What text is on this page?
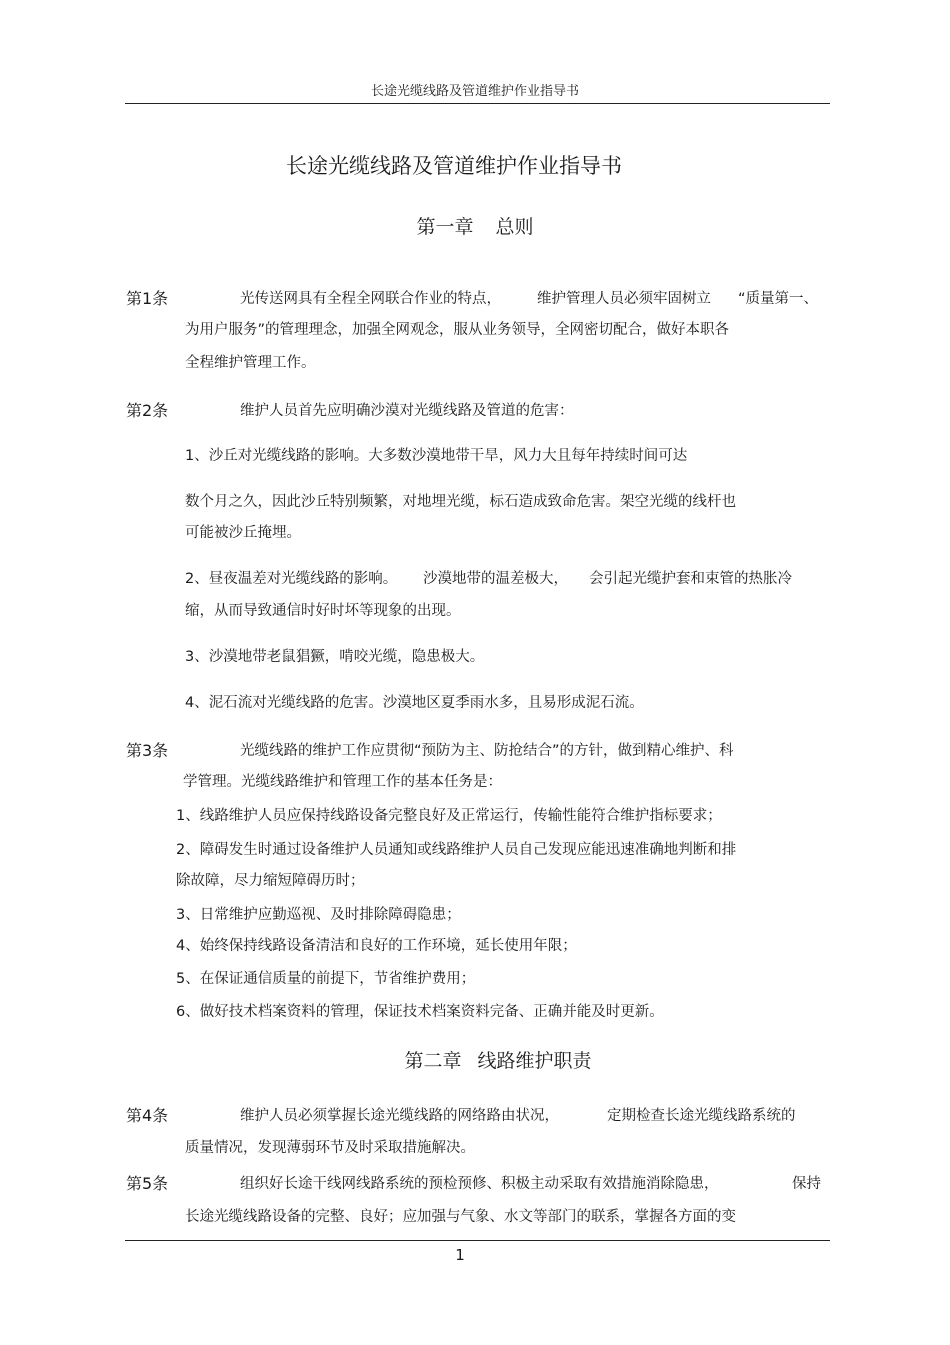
长途光缆线路及管道维护作业指导书
长途光缆线路及管道维护作业指导书
第一章 总则
第1条	光传送网具有全程全网联合作业的特点， 维护管理人员必须牢固树立 “质量第一、
为用户服务”的管理理念，加强全网观念，服从业务领导，全网密切配合，做好本职各
全程维护管理工作。
第2条	维护人员首先应明确沙漠对光缆线路及管道的危害：
1、沙丘对光缆线路的影响。大多数沙漠地带干旱，风力大且每年持续时间可达
数个月之久，因此沙丘特别频繁，对地埋光缆，标石造成致命危害。架空光缆的线杆也
可能被沙丘掩埋。
2、昼夜温差对光缆线路的影响。 沙漠地带的温差极大， 会引起光缆护套和束管的热胀冷
缩，从而导致通信时好时坏等现象的出现。
3、沙漠地带老鼠猖獗，啃咬光缆，隐患极大。
4、泥石流对光缆线路的危害。沙漠地区夏季雨水多，且易形成泥石流。
第3条	光缆线路的维护工作应贯彻“预防为主、防抢结合”的方针，做到精心维护、科
学管理。光缆线路维护和管理工作的基本任务是：
1、线路维护人员应保持线路设备完整良好及正常运行，传输性能符合维护指标要求；
2、障碍发生时通过设备维护人员通知或线路维护人员自己发现应能迅速准确地判断和排
除故障，尽力缩短障碍历时；
3、日常维护应勤巡视、及时排除障碍隐患；
4、始终保持线路设备清洁和良好的工作环境，延长使用年限；
5、在保证通信质量的前提下，节省维护费用；
6、做好技术档案资料的管理，保证技术档案资料完备、正确并能及时更新。
第二章 线路维护职责
第4条	维护人员必须掌握长途光缆线路的网络路由状况，	定期检查长途光缆线路系统的
质量情况，发现薄弱环节及时采取措施解决。
第5条	组织好长途干线网线路系统的预检预修、积极主动采取有效措施消除隐患，	保持
长途光缆线路设备的完整、良好；应加强与气象、水文等部门的联系，掌握各方面的变
1
